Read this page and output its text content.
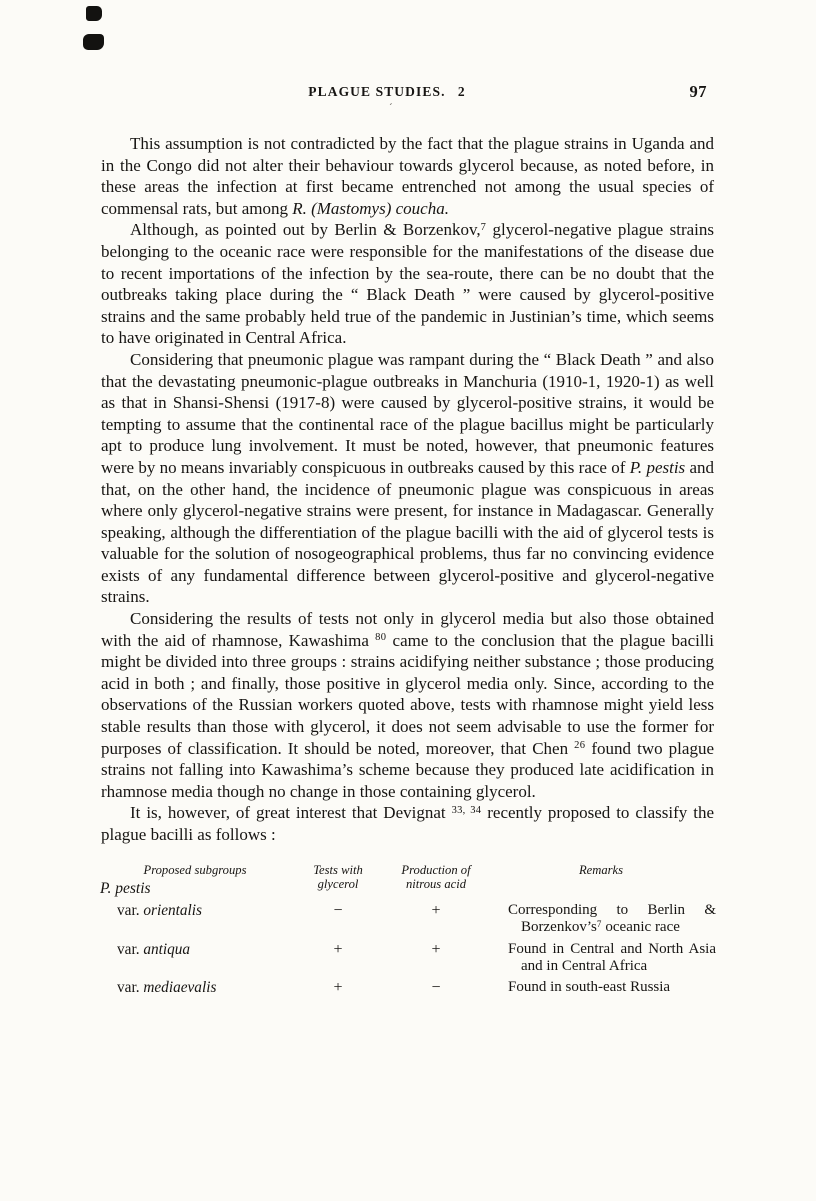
PLAGUE STUDIES.  2
´
97

This assumption is not contradicted by the fact that the plague strains in Uganda and in the Congo did not alter their behaviour towards glycerol because, as noted before, in these areas the infection at first became entrenched not among the usual species of commensal rats, but among R. (Mastomys) coucha.

Although, as pointed out by Berlin & Borzenkov,$^7$ glycerol-negative plague strains belonging to the oceanic race were responsible for the manifestations of the disease due to recent importations of the infection by the sea-route, there can be no doubt that the outbreaks taking place during the “ Black Death ” were caused by glycerol-positive strains and the same probably held true of the pandemic in Justinian’s time, which seems to have originated in Central Africa.

Considering that pneumonic plague was rampant during the “ Black Death ” and also that the devastating pneumonic-plague outbreaks in Manchuria (1910-1, 1920-1) as well as that in Shansi-Shensi (1917-8) were caused by glycerol-positive strains, it would be tempting to assume that the continental race of the plague bacillus might be particularly apt to produce lung involvement. It must be noted, however, that pneumonic features were by no means invariably conspicuous in outbreaks caused by this race of P. pestis and that, on the other hand, the incidence of pneumonic plague was conspicuous in areas where only glycerol-negative strains were present, for instance in Madagascar. Generally speaking, although the differentiation of the plague bacilli with the aid of glycerol tests is valuable for the solution of nosogeographical problems, thus far no convincing evidence exists of any fundamental difference between glycerol-positive and glycerol-negative strains.

Considering the results of tests not only in glycerol media but also those obtained with the aid of rhamnose, Kawashima $^{80}$ came to the conclusion that the plague bacilli might be divided into three groups : strains acidifying neither substance ; those producing acid in both ; and finally, those positive in glycerol media only. Since, according to the observations of the Russian workers quoted above, tests with rhamnose might yield less stable results than those with glycerol, it does not seem advisable to use the former for purposes of classification. It should be noted, moreover, that Chen $^{26}$ found two plague strains not falling into Kawashima’s scheme because they produced late acidification in rhamnose media though no change in those containing glycerol.

It is, however, of great interest that Devignat $^{33, 34}$ recently proposed to classify the plague bacilli as follows :

Proposed subgroups
P. pestis
Tests with
glycerol
Production of
nitrous acid
Remarks
var. orientalis	−	+	Corresponding to Berlin & $Borzenkov’s^7$ oceanic race
var. antiqua	+	+	Found in Central and North Asia and in Central Africa
var. mediaevalis	+	−	Found in south-east Russia
